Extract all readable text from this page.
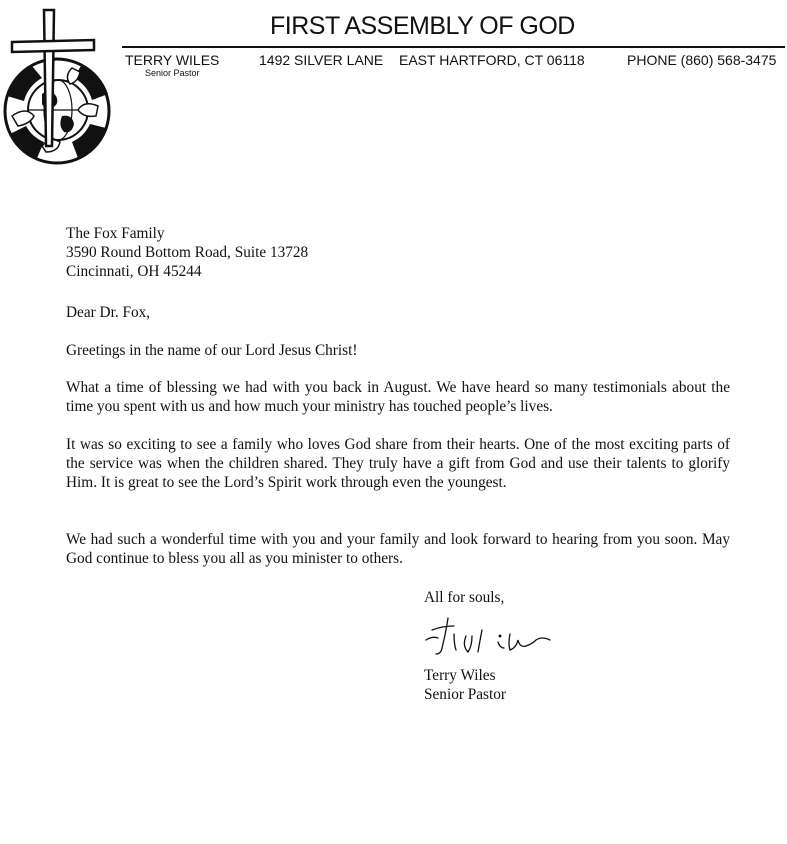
FIRST ASSEMBLY OF GOD
TERRY WILES
Senior Pastor
1492 SILVER LANE EAST HARTFORD, CT 06118	PHONE (860) 568-3475
The Fox Family
3590 Round Bottom Road, Suite 13728
Cincinnati, OH 45244
Dear Dr. Fox,
Greetings in the name of our Lord Jesus Christ!
What a time of blessing we had with you back in August. We have heard so many testimonials about the time you spent with us and how much your ministry has touched people’s lives.
It was so exciting to see a family who loves God share from their hearts. One of the most exciting parts of the service was when the children shared. They truly have a gift from God and use their talents to glorify Him. It is great to see the Lord’s Spirit work through even the youngest.
We had such a wonderful time with you and your family and look forward to hearing from you soon. May God continue to bless you all as you minister to others.
All for souls,
Terry Wiles
Senior Pastor
